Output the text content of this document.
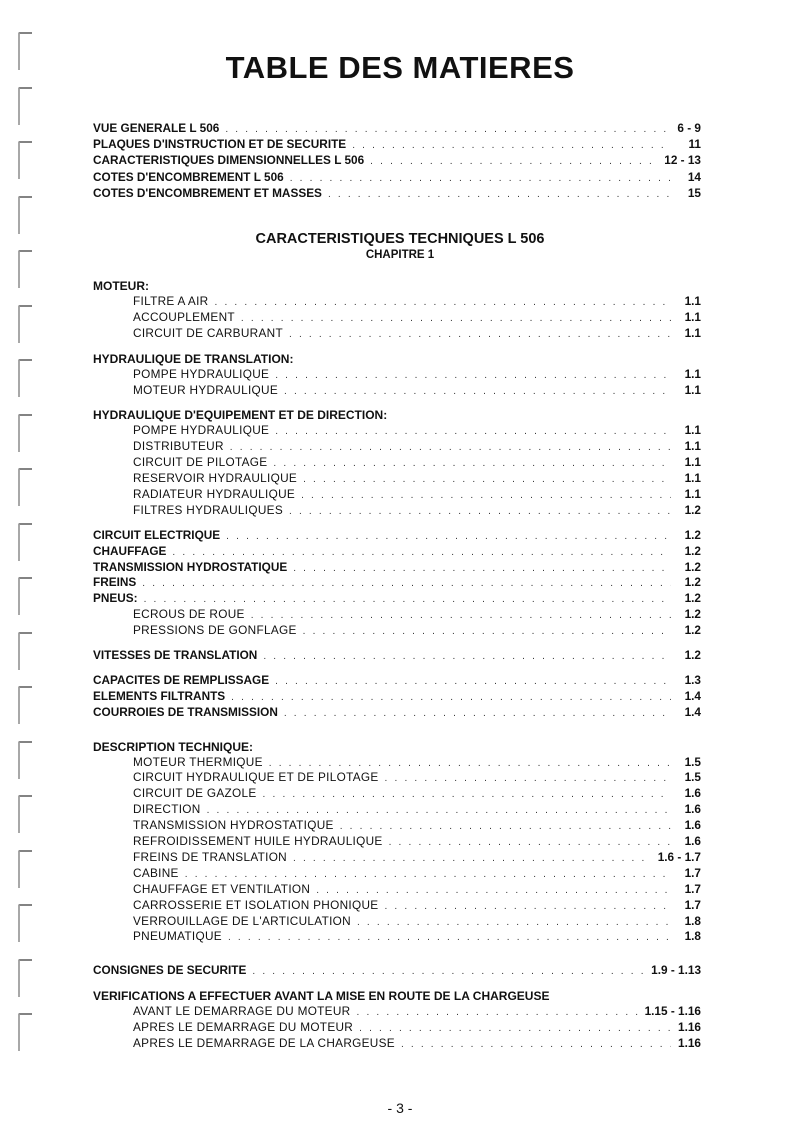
TABLE DES MATIERES
VUE GENERALE L 506 . . .	6 - 9
PLAQUES D'INSTRUCTION ET DE SECURITE . . .	11
CARACTERISTIQUES DIMENSIONNELLES L 506 . . .	12 - 13
COTES D'ENCOMBREMENT L 506 . . .	14
COTES D'ENCOMBREMENT ET MASSES . . .	15
CARACTERISTIQUES TECHNIQUES L 506
CHAPITRE 1
MOTEUR:
FILTRE A AIR . . .	1.1
ACCOUPLEMENT . . .	1.1
CIRCUIT DE CARBURANT . . .	1.1
HYDRAULIQUE DE TRANSLATION:
POMPE HYDRAULIQUE . . .	1.1
MOTEUR HYDRAULIQUE . . .	1.1
HYDRAULIQUE D'EQUIPEMENT ET DE DIRECTION:
POMPE HYDRAULIQUE . . .	1.1
DISTRIBUTEUR . . .	1.1
CIRCUIT DE PILOTAGE . . .	1.1
RESERVOIR HYDRAULIQUE . . .	1.1
RADIATEUR HYDRAULIQUE . . .	1.1
FILTRES HYDRAULIQUES . . .	1.2
CIRCUIT ELECTRIQUE . . .	1.2
CHAUFFAGE . . .	1.2
TRANSMISSION HYDROSTATIQUE . . .	1.2
FREINS . . .	1.2
PNEUS: . . .	1.2
ECROUS DE ROUE . . .	1.2
PRESSIONS DE GONFLAGE . . .	1.2
VITESSES DE TRANSLATION . . .	1.2
CAPACITES DE REMPLISSAGE . . .	1.3
ELEMENTS FILTRANTS . . .	1.4
COURROIES DE TRANSMISSION . . .	1.4
DESCRIPTION TECHNIQUE:
MOTEUR THERMIQUE . . .	1.5
CIRCUIT HYDRAULIQUE ET DE PILOTAGE . . .	1.5
CIRCUIT DE GAZOLE . . .	1.6
DIRECTION . . .	1.6
TRANSMISSION HYDROSTATIQUE . . .	1.6
REFROIDISSEMENT HUILE HYDRAULIQUE . . .	1.6
FREINS DE TRANSLATION . . .	1.6 - 1.7
CABINE . . .	1.7
CHAUFFAGE ET VENTILATION . . .	1.7
CARROSSERIE ET ISOLATION PHONIQUE . . .	1.7
VERROUILLAGE DE L'ARTICULATION . . .	1.8
PNEUMATIQUE . . .	1.8
CONSIGNES DE SECURITE . . .	1.9 - 1.13
VERIFICATIONS A EFFECTUER AVANT LA MISE EN ROUTE DE LA CHARGEUSE
AVANT LE DEMARRAGE DU MOTEUR . . .	1.15 - 1.16
APRES LE DEMARRAGE DU MOTEUR . . .	1.16
APRES LE DEMARRAGE DE LA CHARGEUSE . . .	1.16
- 3 -
